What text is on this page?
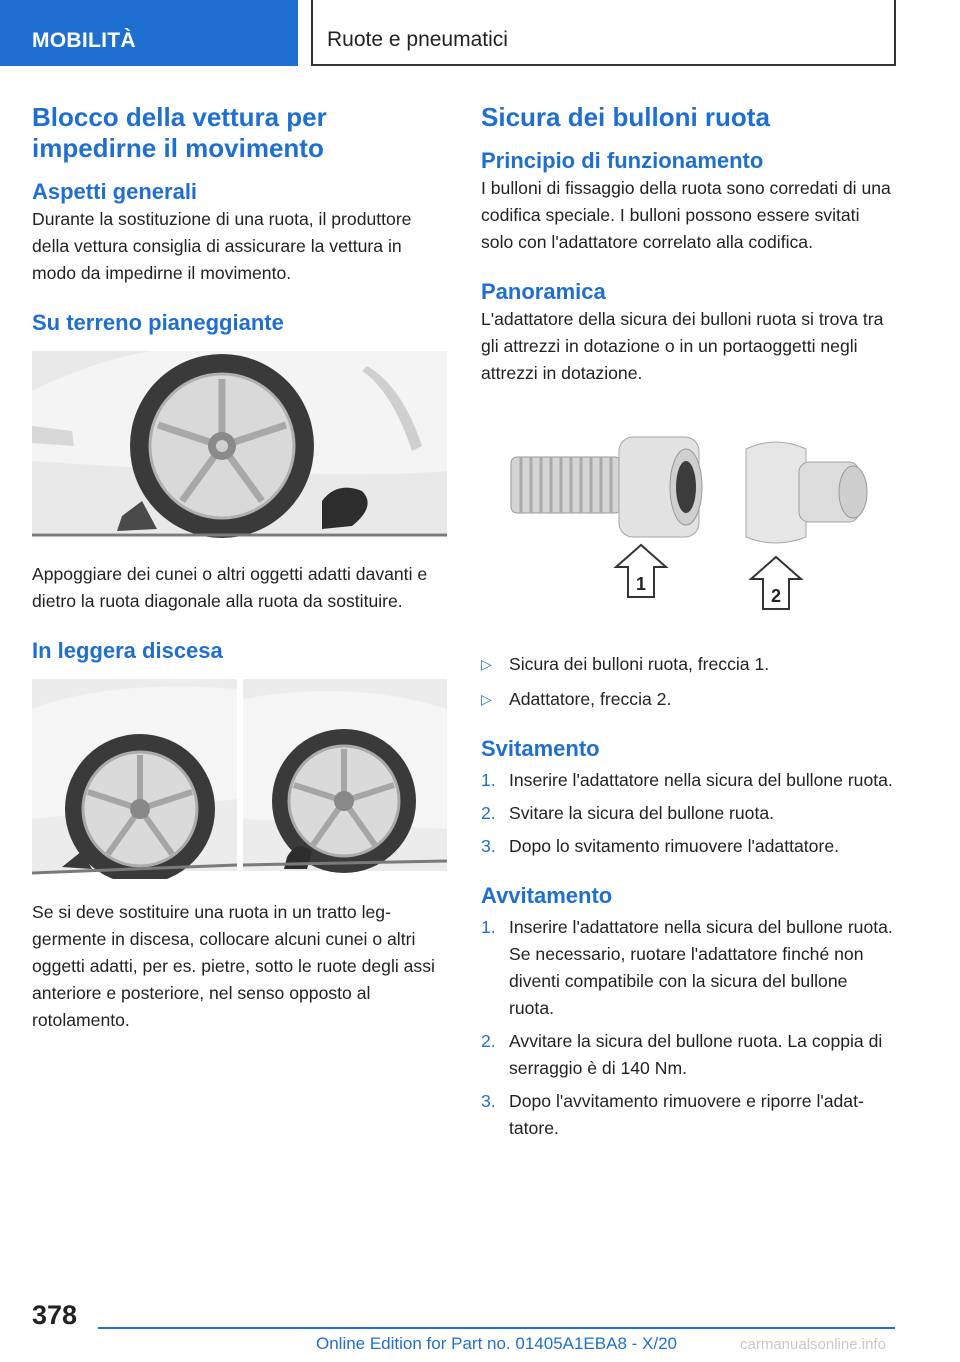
MOBILITÀ	Ruote e pneumatici
Blocco della vettura per impedirne il movimento
Aspetti generali

Durante la sostituzione di una ruota, il produttore della vettura consiglia di assicurare la vettura in modo da impedirne il movimento.

Su terreno pianeggiante

Appoggiare dei cunei o altri oggetti adatti davanti e dietro la ruota diagonale alla ruota da sostituire.

In leggera discesa

Se si deve sostituire una ruota in un tratto leggermente in discesa, collocare alcuni cunei o altri oggetti adatti, per es. pietre, sotto le ruote degli assi anteriore e posteriore, nel senso opposto al rotolamento.

Sicura dei bulloni ruota
Principio di funzionamento

I bulloni di fissaggio della ruota sono corredati di una codifica speciale. I bulloni possono essere svitati solo con l'adattatore correlato alla codifica.

Panoramica

L'adattatore della sicura dei bulloni ruota si trova tra gli attrezzi in dotazione o in un portaoggetti negli attrezzi in dotazione.

1
2
▷ Sicura dei bulloni ruota, freccia 1.
▷ Adattatore, freccia 2.
Svitamento
1. Inserire l'adattatore nella sicura del bullone ruota.
2. Svitare la sicura del bullone ruota.
3. Dopo lo svitamento rimuovere l'adattatore.
Avvitamento
1. Inserire l'adattatore nella sicura del bullone ruota. Se necessario, ruotare l'adattatore finché non diventi compatibile con la sicura del bullone ruota.
2. Avvitare la sicura del bullone ruota. La coppia di serraggio è di 140 Nm.
3. Dopo l'avvitamento rimuovere e riporre l'adattatore.
378
Online Edition for Part no. 01405A1EBA8 - X/20	carmanualsonline.info
